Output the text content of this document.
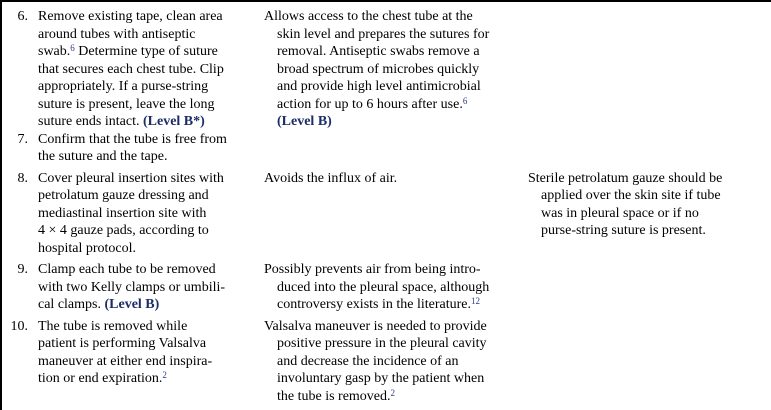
6. Remove existing tape, clean area
around tubes with antiseptic
swab.$^6$ Determine type of suture
that secures each chest tube. Clip
appropriately. If a purse-string
suture is present, leave the long
suture ends intact. (Level B*)
Allows access to the chest tube at the
skin level and prepares the sutures for
removal. Antiseptic swabs remove a
broad spectrum of microbes quickly
and provide high level antimicrobial
action for up to 6 hours after use.$^6$
(Level B)
7. Confirm that the tube is free from
the suture and the tape.
8. Cover pleural insertion sites with
petrolatum gauze dressing and
mediastinal insertion site with
4 × 4 gauze pads, according to
hospital protocol.
Avoids the influx of air.	Sterile petrolatum gauze should be
applied over the skin site if tube
was in pleural space or if no
purse-string suture is present.
9. Clamp each tube to be removed
with two Kelly clamps or umbili-
cal clamps. (Level B)
Possibly prevents air from being intro-
duced into the pleural space, although
controversy exists in the literature.$^{12}$
10. The tube is removed while
patient is performing Valsalva
maneuver at either end inspira-
tion or end expiration.$^2$
Valsalva maneuver is needed to provide
positive pressure in the pleural cavity
and decrease the incidence of an
involuntary gasp by the patient when
the tube is removed.$^2$
